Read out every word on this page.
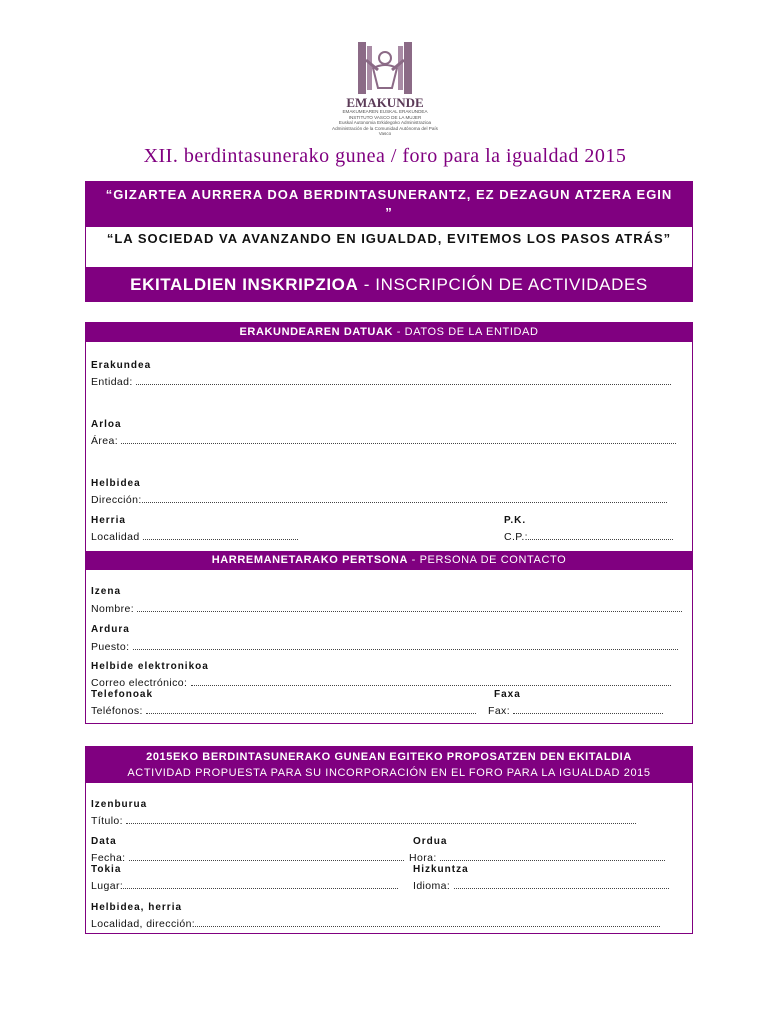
EMAKUNDE
EMAKUMEAREN EUSKAL ERAKUNDEA
INSTITUTO VASCO DE LA MUJER
Euskal Autonomia Erkidegoko Administrazioa
Administración de la Comunidad Autónoma del País Vasco
XII. berdintasunerako gunea / foro para la igualdad 2015
“GIZARTEA AURRERA DOA BERDINTASUNERANTZ, EZ DEZAGUN ATZERA EGIN ”
“LA SOCIEDAD VA AVANZANDO EN IGUALDAD, EVITEMOS LOS PASOS ATRÁS”
EKITALDIEN INSKRIPZIOA - INSCRIPCIÓN DE ACTIVIDADES
ERAKUNDEAREN DATUAK - DATOS DE LA ENTIDAD
Erakundea
Entidad:
Arloa
Área:
Helbidea
Dirección:
Herria
Localidad
P.K.
C.P.:
HARREMANETARAKO PERTSONA - PERSONA DE CONTACTO
Izena
Nombre:
Ardura
Puesto:
Helbide elektronikoa
Correo electrónico:
Telefonoak
Teléfonos:
Faxa
Fax:
2015EKO BERDINTASUNERAKO GUNEAN EGITEKO PROPOSATZEN DEN EKITALDIA
ACTIVIDAD PROPUESTA PARA SU INCORPORACIÓN EN EL FORO PARA LA IGUALDAD 2015
Izenburua
Título:
Data
Fecha:
Ordua
Hora:
Tokia
Lugar:
Hizkuntza
Idioma:
Helbidea, herria
Localidad, dirección:
